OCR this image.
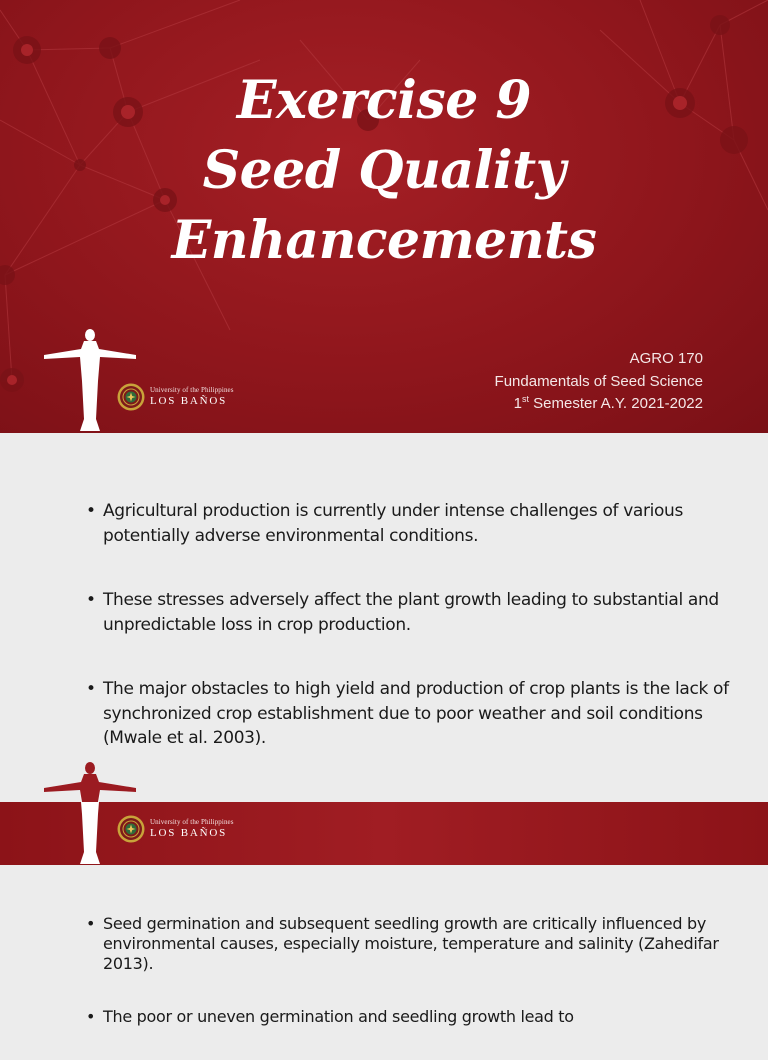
Exercise 9
Seed Quality
Enhancements
AGRO 170
Fundamentals of Seed Science
1st Semester A.Y. 2021-2022
University of the Philippines
LOS BAÑOS
• Agricultural production is currently under intense challenges of various potentially adverse environmental conditions.
• These stresses adversely affect the plant growth leading to substantial and unpredictable loss in crop production.
• The major obstacles to high yield and production of crop plants is the lack of synchronized crop establishment due to poor weather and soil conditions (Mwale et al. 2003).
University of the Philippines
LOS BAÑOS
• Seed germination and subsequent seedling growth are critically influenced by environmental causes, especially moisture, temperature and salinity (Zahedifar 2013).
• The poor or uneven germination and seedling growth lead to
